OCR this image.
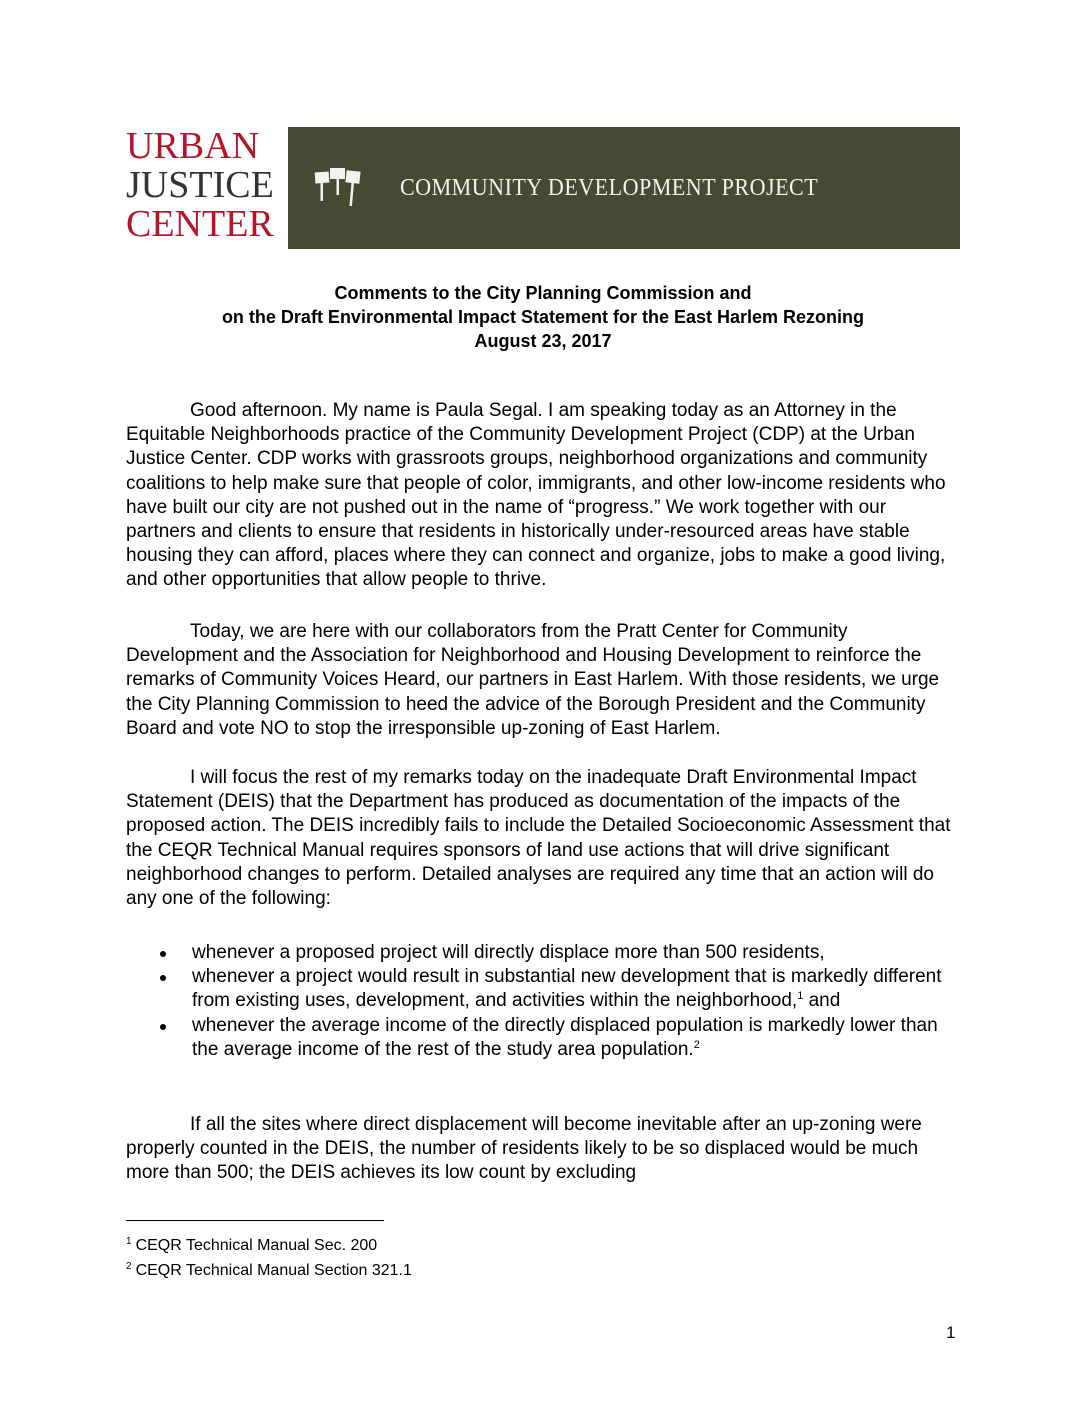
URBAN
JUSTICE
CENTER
COMMUNITY DEVELOPMENT PROJECT
Comments to the City Planning Commission and
on the Draft Environmental Impact Statement for the East Harlem Rezoning
August 23, 2017

Good afternoon. My name is Paula Segal. I am speaking today as an Attorney in the Equitable Neighborhoods practice of the Community Development Project (CDP) at the Urban Justice Center. CDP works with grassroots groups, neighborhood organizations and community coalitions to help make sure that people of color, immigrants, and other low-income residents who have built our city are not pushed out in the name of “progress.” We work together with our partners and clients to ensure that residents in historically under-resourced areas have stable housing they can afford, places where they can connect and organize, jobs to make a good living, and other opportunities that allow people to thrive.

Today, we are here with our collaborators from the Pratt Center for Community Development and the Association for Neighborhood and Housing Development to reinforce the remarks of Community Voices Heard, our partners in East Harlem. With those residents, we urge the City Planning Commission to heed the advice of the Borough President and the Community Board and vote NO to stop the irresponsible up-zoning of East Harlem.

I will focus the rest of my remarks today on the inadequate Draft Environmental Impact Statement (DEIS) that the Department has produced as documentation of the impacts of the proposed action. The DEIS incredibly fails to include the Detailed Socioeconomic Assessment that the CEQR Technical Manual requires sponsors of land use actions that will drive significant neighborhood changes to perform. Detailed analyses are required any time that an action will do any one of the following:

whenever a proposed project will directly displace more than 500 residents,
whenever a project would result in substantial new development that is markedly different from existing uses, development, and activities within the neighborhood,$^1$ and
whenever the average income of the directly displaced population is markedly lower than the average income of the rest of the study area population.$^2$

If all the sites where direct displacement will become inevitable after an up-zoning were properly counted in the DEIS, the number of residents likely to be so displaced would be much more than 500; the DEIS achieves its low count by excluding

$^1$ CEQR Technical Manual Sec. 200
$^2$ CEQR Technical Manual Section 321.1
1
